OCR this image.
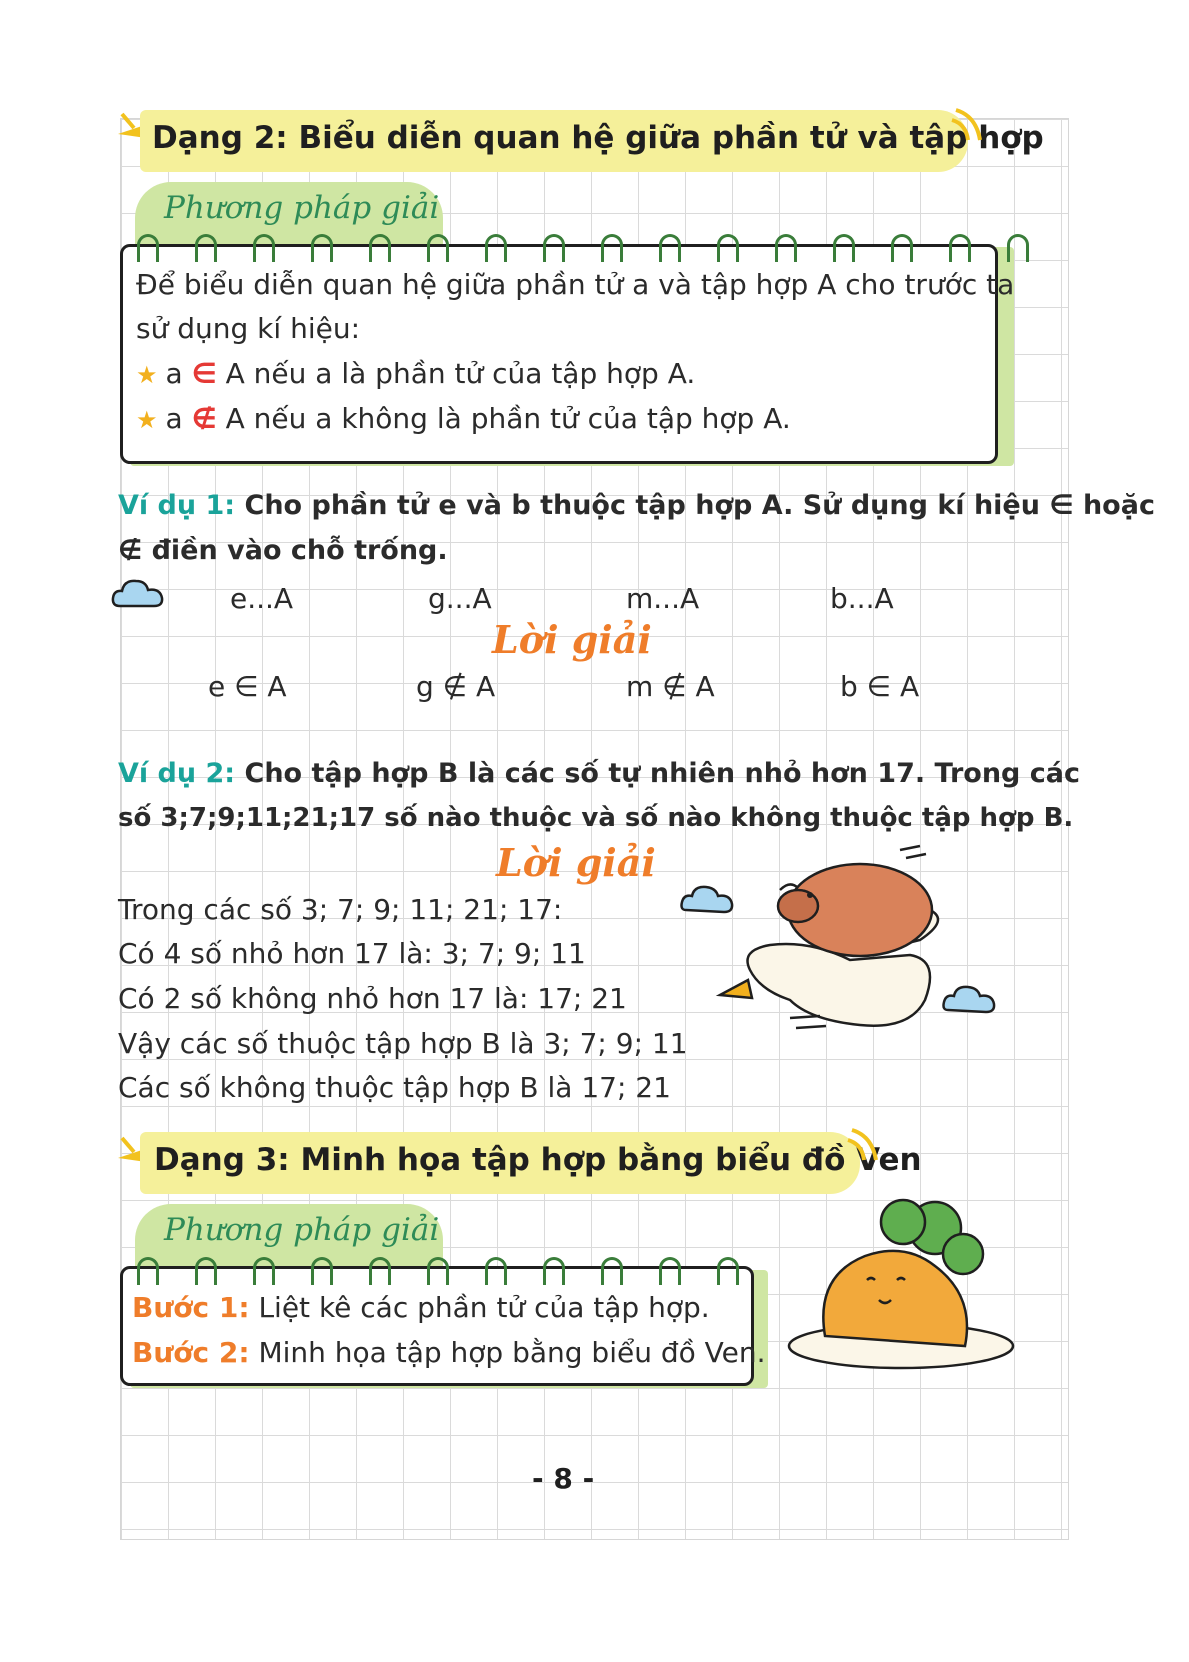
Dạng 2: Biểu diễn quan hệ giữa phần tử và tập hợp
Phương pháp giải
Để biểu diễn quan hệ giữa phần tử a và tập hợp A cho trước ta
sử dụng kí hiệu:
★ a ∈ A nếu a là phần tử của tập hợp A.
★ a ∉ A nếu a không là phần tử của tập hợp A.
Ví dụ 1: Cho phần tử e và b thuộc tập hợp A. Sử dụng kí hiệu ∈ hoặc
∉ điền vào chỗ trống.
e...A	g...A	m...A	b...A
Lời giải
e ∈ A	g ∉ A	m ∉ A	b ∈ A
Ví dụ 2: Cho tập hợp B là các số tự nhiên nhỏ hơn 17. Trong các
số 3;7;9;11;21;17 số nào thuộc và số nào không thuộc tập hợp B.
Lời giải
Trong các số 3; 7; 9; 11; 21; 17:
Có 4 số nhỏ hơn 17 là: 3; 7; 9; 11
Có 2 số không nhỏ hơn 17 là: 17; 21
Vậy các số thuộc tập hợp B là 3; 7; 9; 11
Các số không thuộc tập hợp B là 17; 21
Dạng 3: Minh họa tập hợp bằng biểu đồ Ven
Phương pháp giải
Bước 1: Liệt kê các phần tử của tập hợp.
Bước 2: Minh họa tập hợp bằng biểu đồ Ven.
- 8 -
